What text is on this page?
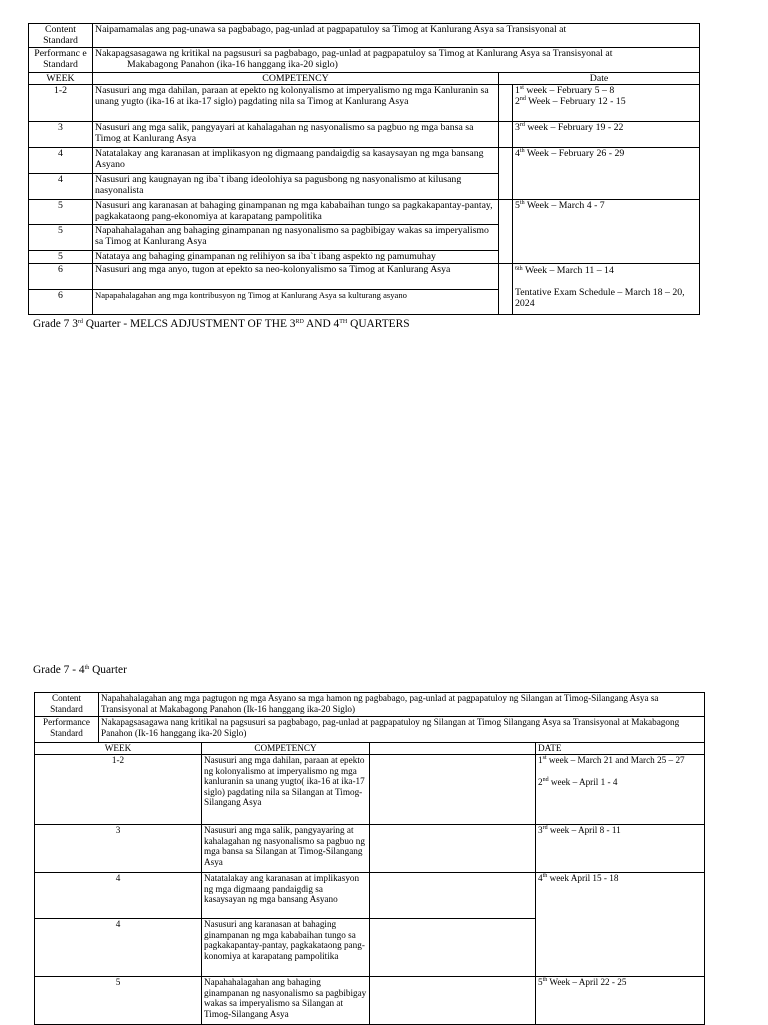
Content Standard	Naipamamalas ang pag-unawa sa pagbabago, pag-unlad at pagpapatuloy sa Timog at Kanlurang Asya sa Transisyonal at		
Performanc e Standard	Nakapagsasagawa ng kritikal na pagsusuri sa pagbabago, pag-unlad at pagpapatuloy sa Timog at Kanlurang Asya sa Transisyonal at
Makabagong Panahon (ika-16 hanggang ika-20 siglo)		
WEEK	COMPETENCY	Date	
1-2	Nasusuri ang mga dahilan, paraan at epekto ng kolonyalismo at imperyalismo ng mga Kanluranin sa unang yugto (ika-16 at ika-17 siglo) pagdating nila sa Timog at Kanlurang Asya		1st week – February 5 – 8
2nd Week – February 12 - 15
3	Nasusuri ang mga salik, pangyayari at kahalagahan ng nasyonalismo sa pagbuo ng mga bansa sa Timog at Kanlurang Asya		3rd week – February 19 - 22
4	Natatalakay ang karanasan at implikasyon ng digmaang pandaigdig sa kasaysayan ng mga bansang Asyano		4th Week – February 26 - 29
4	Nasusuri ang kaugnayan ng iba`t ibang ideolohiya sa pagusbong ng nasyonalismo at kilusang nasyonalista		
5	Nasusuri ang karanasan at bahaging ginampanan ng mga kababaihan tungo sa pagkakapantay-pantay, pagkakataong pang-ekonomiya at karapatang pampolitika		5th Week – March 4 - 7
5	Napahahalagahan ang bahaging ginampanan ng nasyonalismo sa pagbibigay wakas sa imperyalismo sa Timog at Kanlurang Asya		
5	Natataya ang bahaging ginampanan ng relihiyon sa iba`t ibang aspekto ng pamumuhay		
6	Nasusuri ang mga anyo, tugon at epekto sa neo-kolonyalismo sa Timog at Kanlurang Asya		$^{6th}$ Week – March 11 – 14

Tentative Exam Schedule – March 18 – 20, 2024
6	Napapahalagahan ang mga kontribusyon ng Timog at Kanlurang Asya sa kulturang asyano		
Grade 7 3rd Quarter - MELCS ADJUSTMENT OF THE 3RD AND 4TH QUARTERS
Grade 7 - 4th Quarter
Content Standard	Napahahalagahan ang mga pagtugon ng mga Asyano sa mga hamon ng pagbabago, pag-unlad at pagpapatuloy ng Silangan at Timog-Silangang Asya sa Transisyonal at Makabagong Panahon (Ik-16 hanggang ika-20 Siglo)			
Performance Standard	Nakapagsasagawa nang kritikal na pagsusuri sa pagbabago, pag-unlad at pagpapatuloy ng Silangan at Timog Silangang Asya sa Transisyonal at Makabagong Panahon (Ik-16 hanggang ika-20 Siglo)			
WEEK		COMPETENCY		DATE
1-2		Nasusuri ang mga dahilan, paraan at epekto ng kolonyalismo at imperyalismo ng mga kanluranin sa unang yugto( ika-16 at ika-17 siglo) pagdating nila sa Silangan at Timog-Silangang Asya		1st week – March 21 and March 25 – 27

2nd week – April 1 - 4
3		Nasusuri ang mga salik, pangyayaring at kahalagahan ng nasyonalismo sa pagbuo ng mga bansa sa Silangan at Timog-Silangang Asya		3rd week – April 8 - 11
4		Natatalakay ang karanasan at implikasyon ng mga digmaang pandaigdig sa kasaysayan ng mga bansang Asyano		4th week April 15 - 18
4		Nasusuri ang karanasan at bahaging ginampanan ng mga kababaihan tungo sa pagkakapantay-pantay, pagkakataong pang-konomiya at karapatang pampolitika		
5		Napahahalagahan ang bahaging ginampanan ng nasyonalismo sa pagbibigay wakas sa imperyalismo sa Silangan at Timog-Silangang Asya		5th Week – April 22 - 25
